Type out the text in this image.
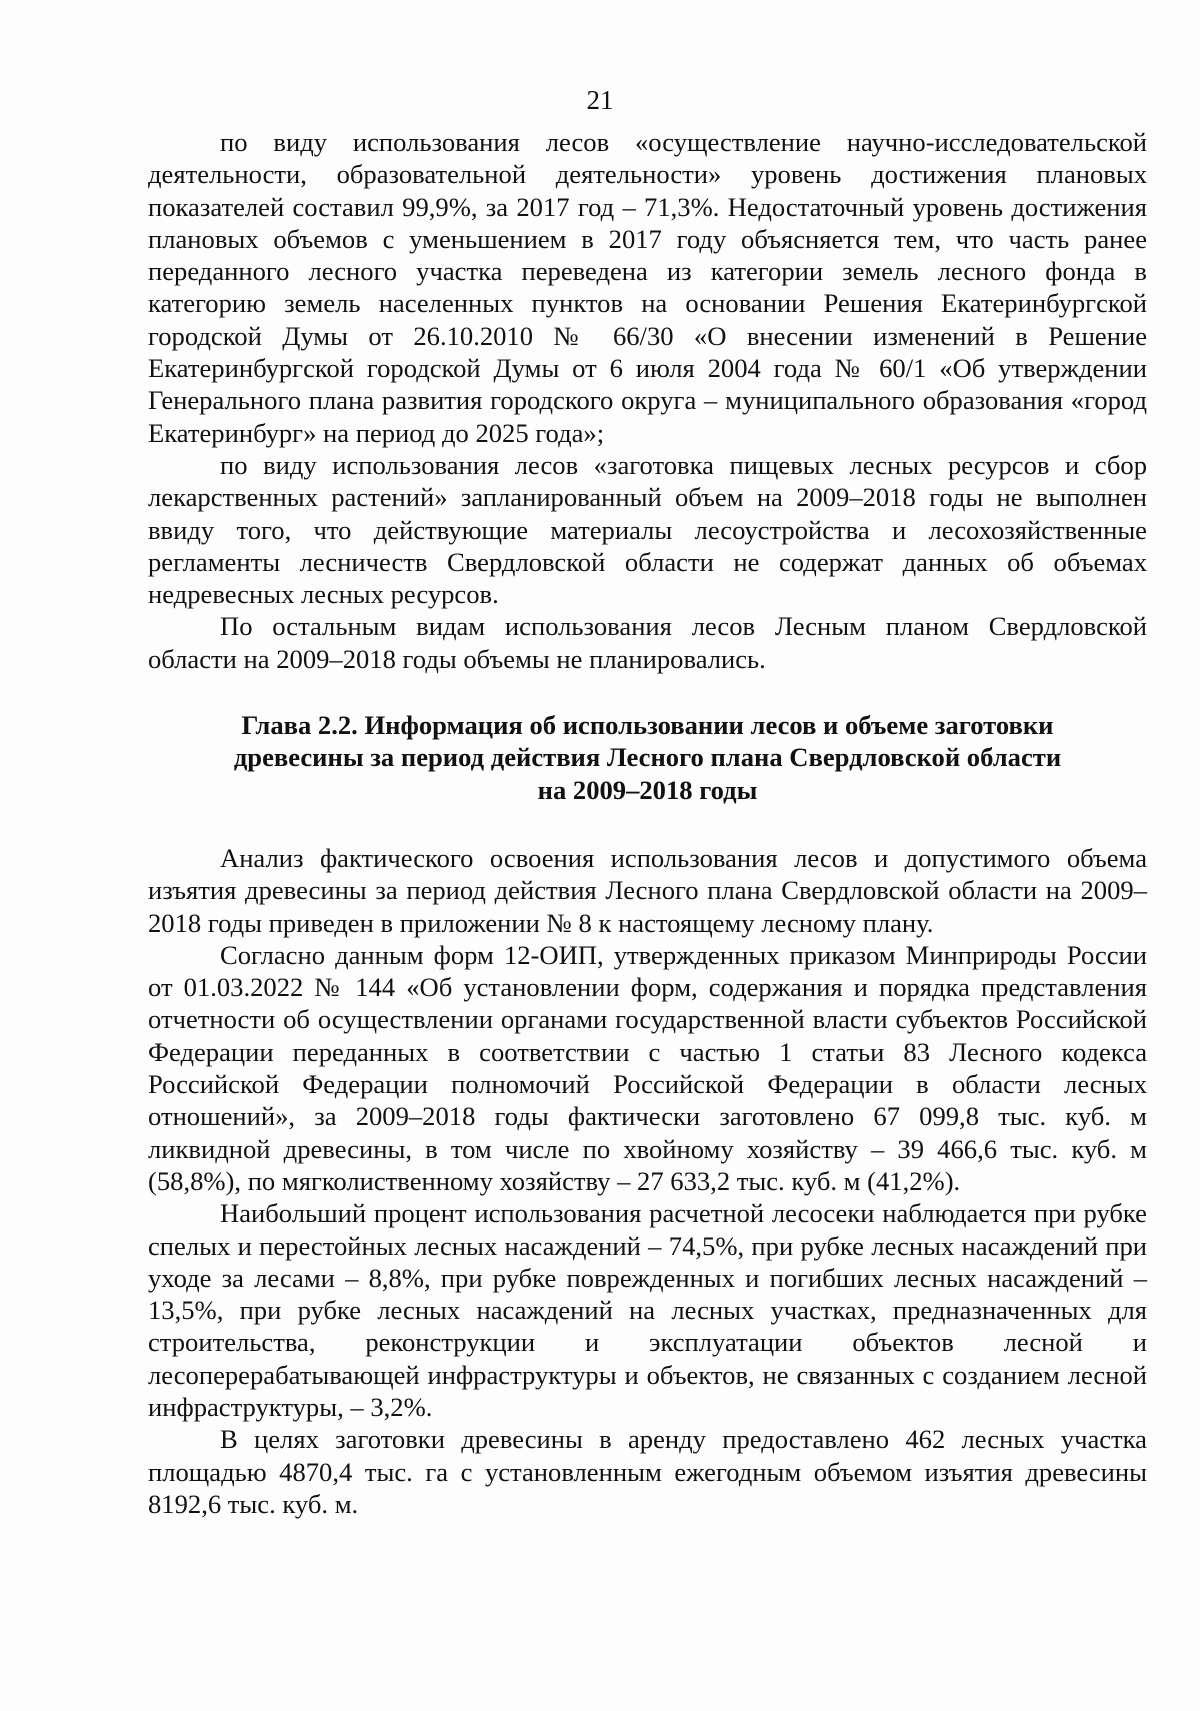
21

по виду использования лесов «осуществление научно-исследовательской деятельности, образовательной деятельности» уровень достижения плановых показателей составил 99,9%, за 2017 год – 71,3%. Недостаточный уровень достижения плановых объемов с уменьшением в 2017 году объясняется тем, что часть ранее переданного лесного участка переведена из категории земель лесного фонда в категорию земель населенных пунктов на основании Решения Екатеринбургской городской Думы от 26.10.2010 № 66/30 «О внесении изменений в Решение Екатеринбургской городской Думы от 6 июля 2004 года № 60/1 «Об утверждении Генерального плана развития городского округа – муниципального образования «город Екатеринбург» на период до 2025 года»;

по виду использования лесов «заготовка пищевых лесных ресурсов и сбор лекарственных растений» запланированный объем на 2009–2018 годы не выполнен ввиду того, что действующие материалы лесоустройства и лесохозяйственные регламенты лесничеств Свердловской области не содержат данных об объемах недревесных лесных ресурсов.

По остальным видам использования лесов Лесным планом Свердловской области на 2009–2018 годы объемы не планировались.

Глава 2.2. Информация об использовании лесов и объеме заготовки
древесины за период действия Лесного плана Свердловской области
на 2009–2018 годы

Анализ фактического освоения использования лесов и допустимого объема изъятия древесины за период действия Лесного плана Свердловской области на 2009–2018 годы приведен в приложении № 8 к настоящему лесному плану.

Согласно данным форм 12-ОИП, утвержденных приказом Минприроды России от 01.03.2022 № 144 «Об установлении форм, содержания и порядка представления отчетности об осуществлении органами государственной власти субъектов Российской Федерации переданных в соответствии с частью 1 статьи 83 Лесного кодекса Российской Федерации полномочий Российской Федерации в области лесных отношений», за 2009–2018 годы фактически заготовлено 67 099,8 тыс. куб. м ликвидной древесины, в том числе по хвойному хозяйству – 39 466,6 тыс. куб. м (58,8%), по мягколиственному хозяйству – 27 633,2 тыс. куб. м (41,2%).

Наибольший процент использования расчетной лесосеки наблюдается при рубке спелых и перестойных лесных насаждений – 74,5%, при рубке лесных насаждений при уходе за лесами – 8,8%, при рубке поврежденных и погибших лесных насаждений – 13,5%, при рубке лесных насаждений на лесных участках, предназначенных для строительства, реконструкции и эксплуатации объектов лесной и лесоперерабатывающей инфраструктуры и объектов, не связанных с созданием лесной инфраструктуры, – 3,2%.

В целях заготовки древесины в аренду предоставлено 462 лесных участка площадью 4870,4 тыс. га с установленным ежегодным объемом изъятия древесины 8192,6 тыс. куб. м.
